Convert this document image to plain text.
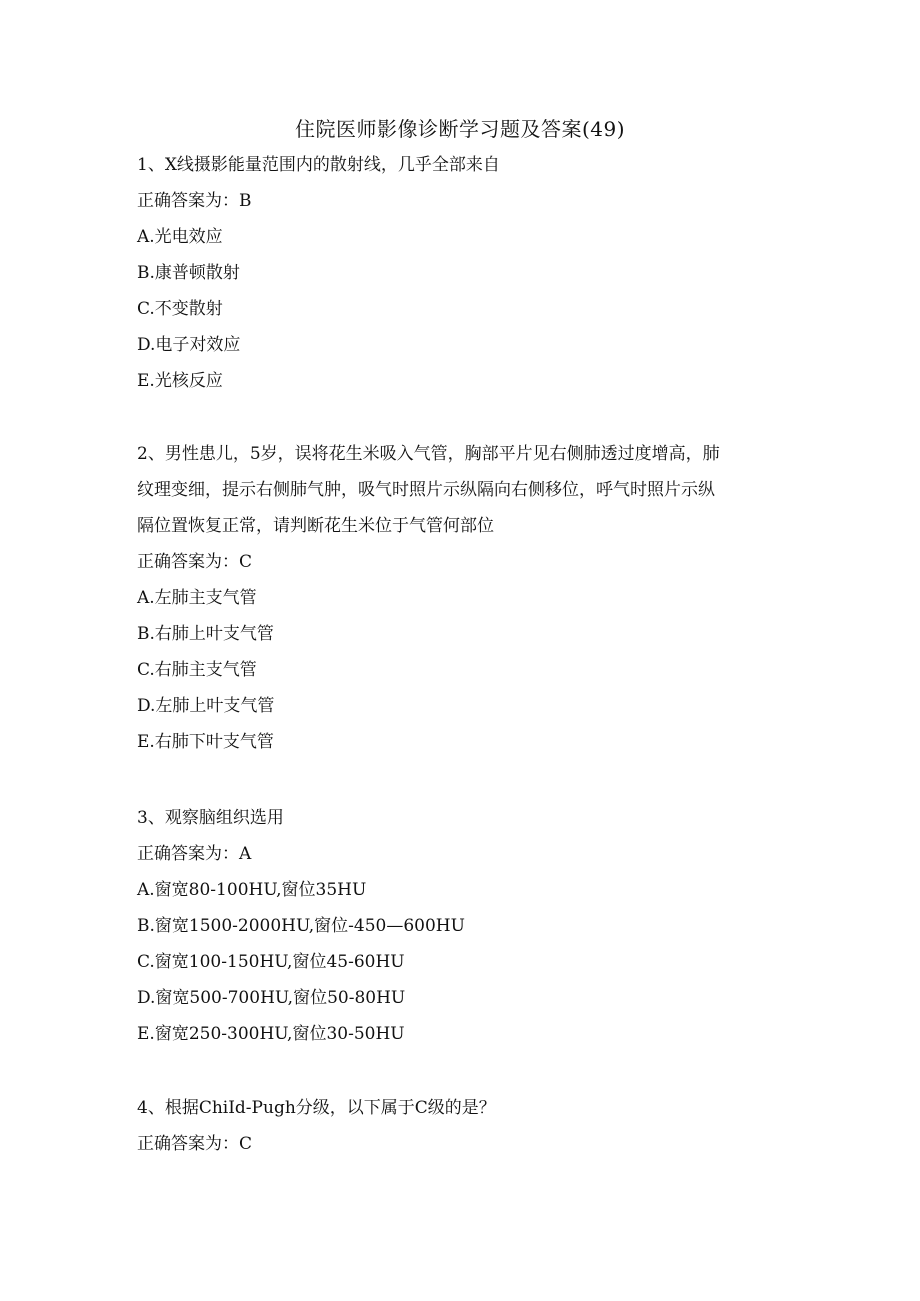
住院医师影像诊断学习题及答案(49)
1、X线摄影能量范围内的散射线，几乎全部来自
正确答案为：B
A.光电效应
B.康普顿散射
C.不变散射
D.电子对效应
E.光核反应
2、男性患儿，5岁，误将花生米吸入气管，胸部平片见右侧肺透过度增高，肺
纹理变细，提示右侧肺气肿，吸气时照片示纵隔向右侧移位，呼气时照片示纵
隔位置恢复正常，请判断花生米位于气管何部位
正确答案为：C
A.左肺主支气管
B.右肺上叶支气管
C.右肺主支气管
D.左肺上叶支气管
E.右肺下叶支气管
3、观察脑组织选用
正确答案为：A
A.窗宽80-100HU,窗位35HU
B.窗宽1500-2000HU,窗位-450—600HU
C.窗宽100-150HU,窗位45-60HU
D.窗宽500-700HU,窗位50-80HU
E.窗宽250-300HU,窗位30-50HU
4、根据ChiId-Pugh分级，以下属于C级的是？
正确答案为：C
